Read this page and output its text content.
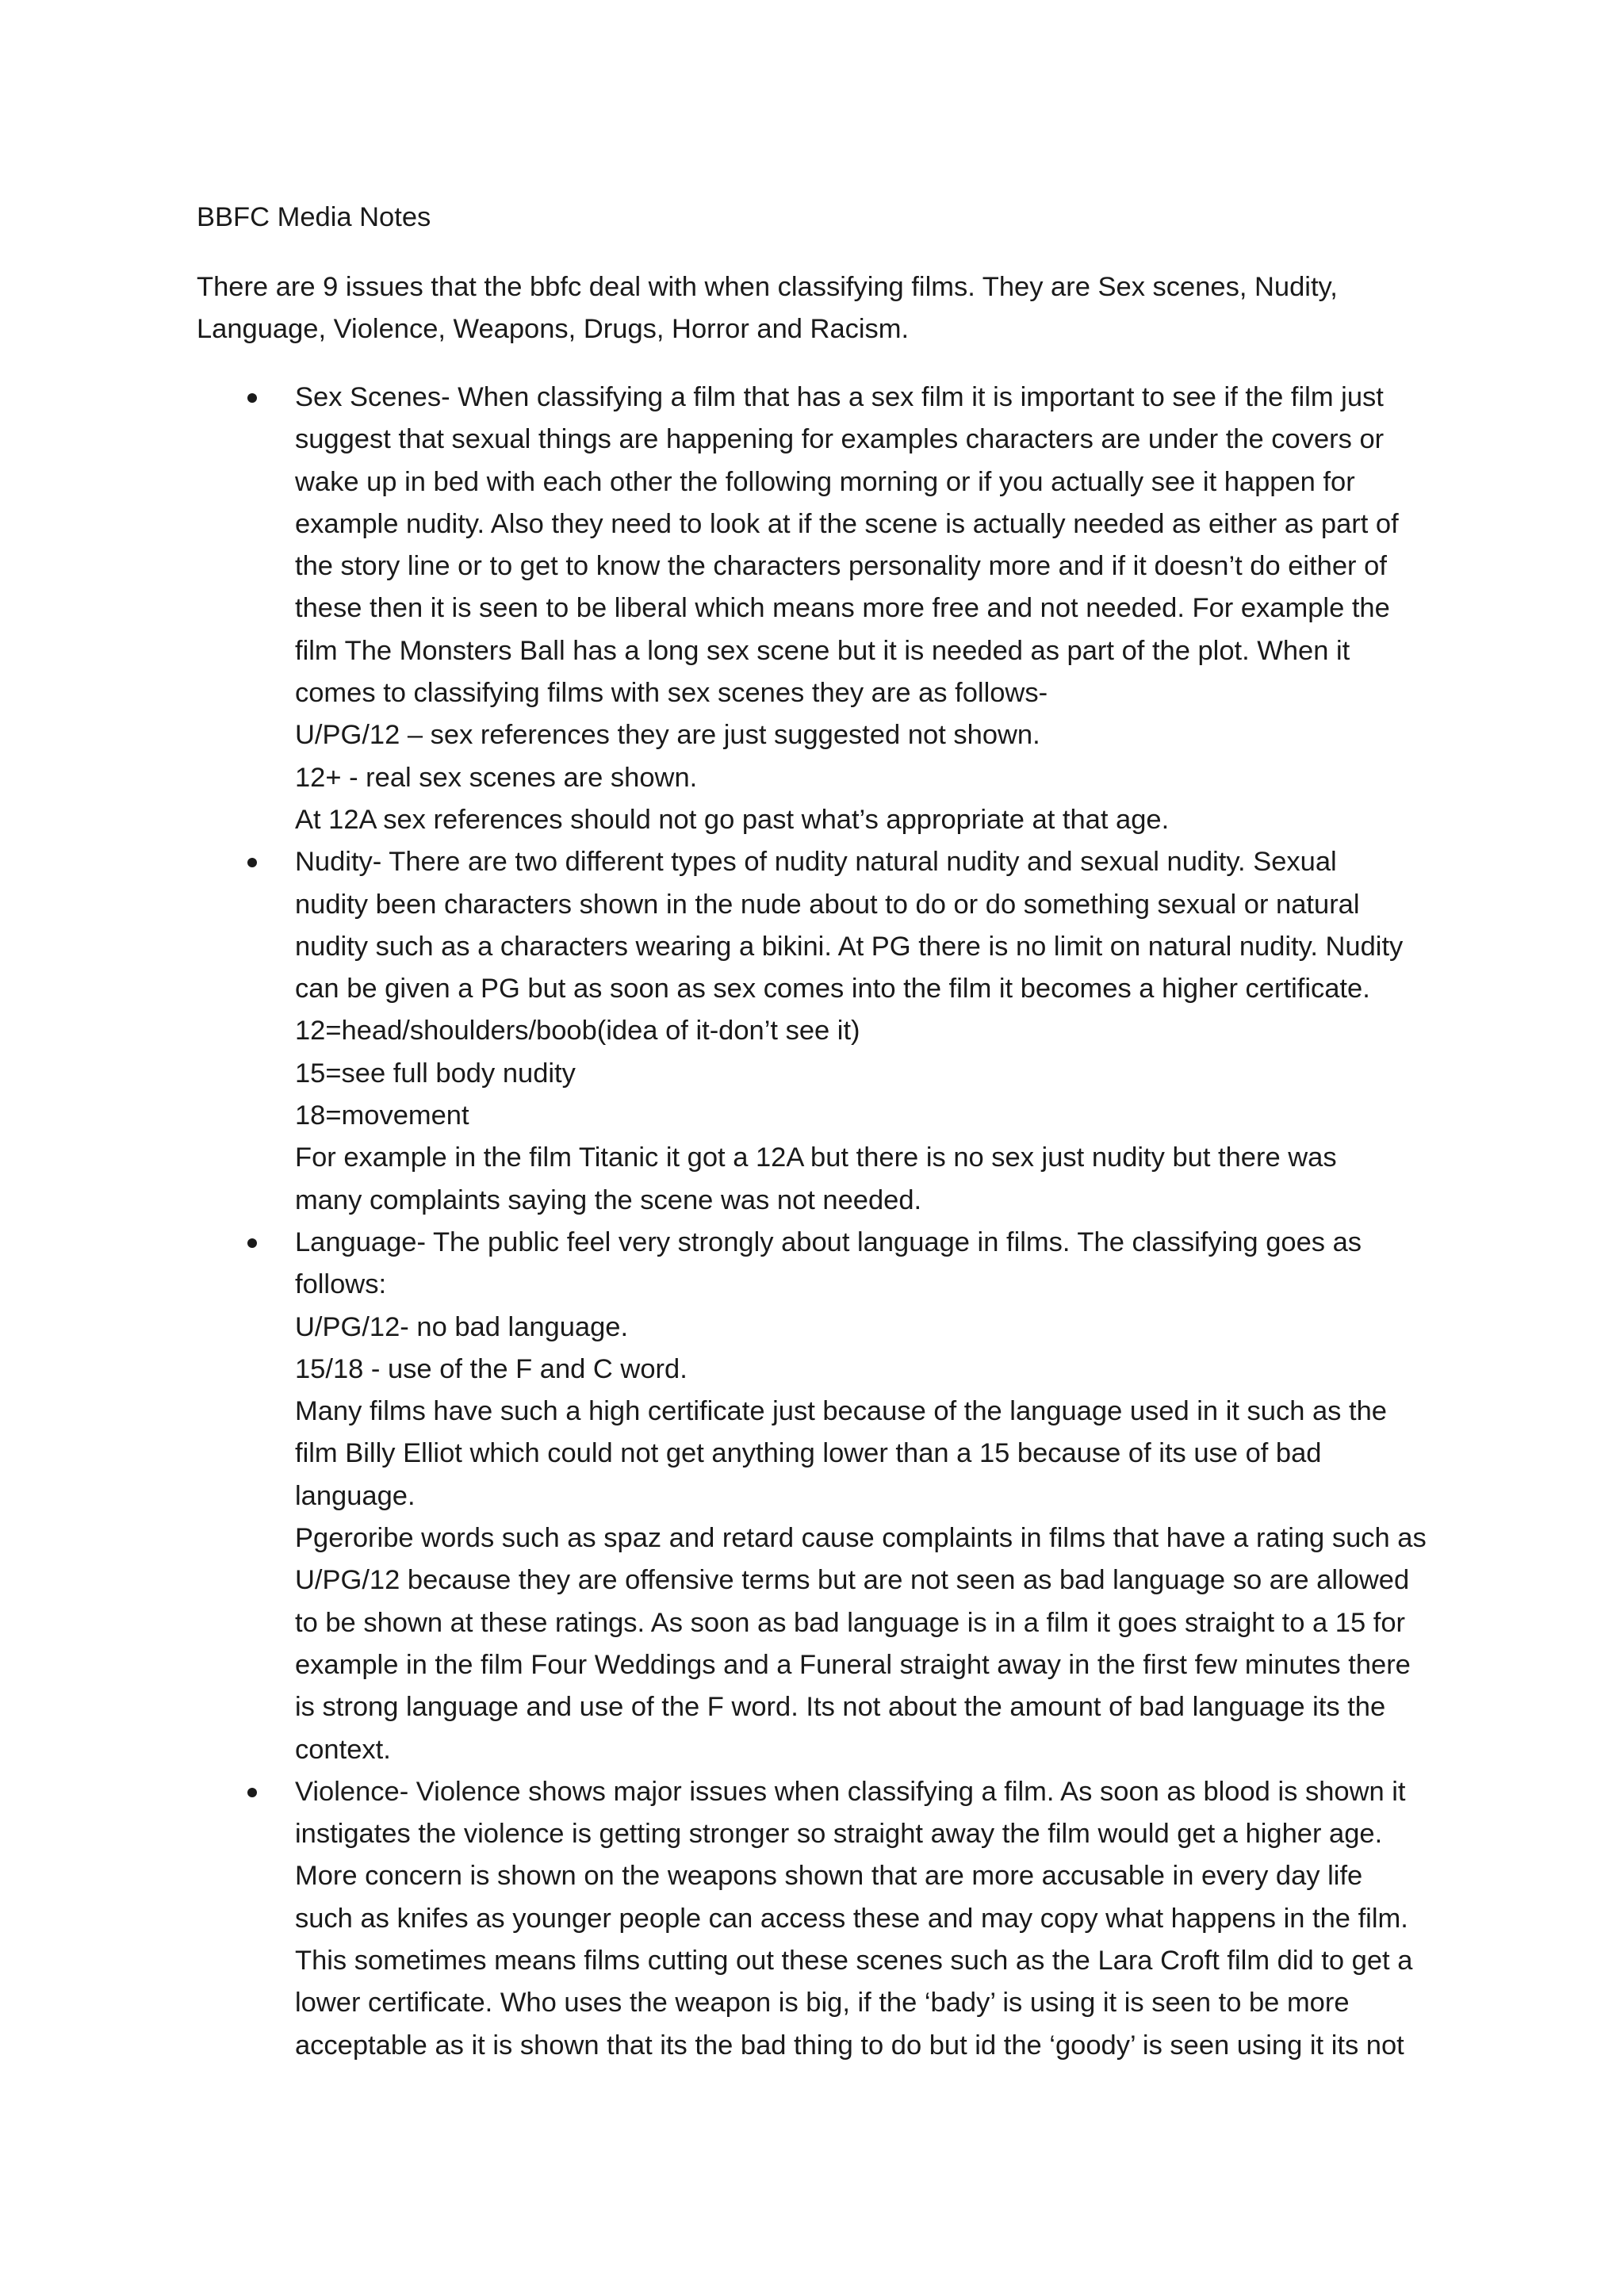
BBFC Media Notes
There are 9 issues that the bbfc deal with when classifying films. They are Sex scenes, Nudity,
Language, Violence, Weapons, Drugs, Horror and Racism.
Sex Scenes- When classifying a film that has a sex film it is important to see if the film just
suggest that sexual things are happening for examples characters are under the covers or
wake up in bed with each other the following morning or if you actually see it happen for
example nudity. Also they need to look at if the scene is actually needed as either as part of
the story line or to get to know the characters personality more and if it doesn’t do either of
these then it is seen to be liberal which means more free and not needed. For example the
film The Monsters Ball has a long sex scene but it is needed as part of the plot. When it
comes to classifying films with sex scenes they are as follows-
U/PG/12 – sex references they are just suggested not shown.
12+ - real sex scenes are shown.
At 12A sex references should not go past what’s appropriate at that age.
Nudity- There are two different types of nudity natural nudity and sexual nudity. Sexual
nudity been characters shown in the nude about to do or do something sexual or natural
nudity such as a characters wearing a bikini. At PG there is no limit on natural nudity. Nudity
can be given a PG but as soon as sex comes into the film it becomes a higher certificate.
12=head/shoulders/boob(idea of it-don’t see it)
15=see full body nudity
18=movement
For example in the film Titanic it got a 12A but there is no sex just nudity but there was
many complaints saying the scene was not needed.
Language- The public feel very strongly about language in films. The classifying goes as
follows:
U/PG/12- no bad language.
15/18 - use of the F and C word.
Many films have such a high certificate just because of the language used in it such as the
film Billy Elliot which could not get anything lower than a 15 because of its use of bad
language.
Pgeroribe words such as spaz and retard cause complaints in films that have a rating such as
U/PG/12 because they are offensive terms but are not seen as bad language so are allowed
to be shown at these ratings. As soon as bad language is in a film it goes straight to a 15 for
example in the film Four Weddings and a Funeral straight away in the first few minutes there
is strong language and use of the F word. Its not about the amount of bad language its the
context.
Violence- Violence shows major issues when classifying a film. As soon as blood is shown it
instigates the violence is getting stronger so straight away the film would get a higher age.
More concern is shown on the weapons shown that are more accusable in every day life
such as knifes as younger people can access these and may copy what happens in the film.
This sometimes means films cutting out these scenes such as the Lara Croft film did to get a
lower certificate. Who uses the weapon is big, if the ‘bady’ is using it is seen to be more
acceptable as it is shown that its the bad thing to do but id the ‘goody’ is seen using it its not
